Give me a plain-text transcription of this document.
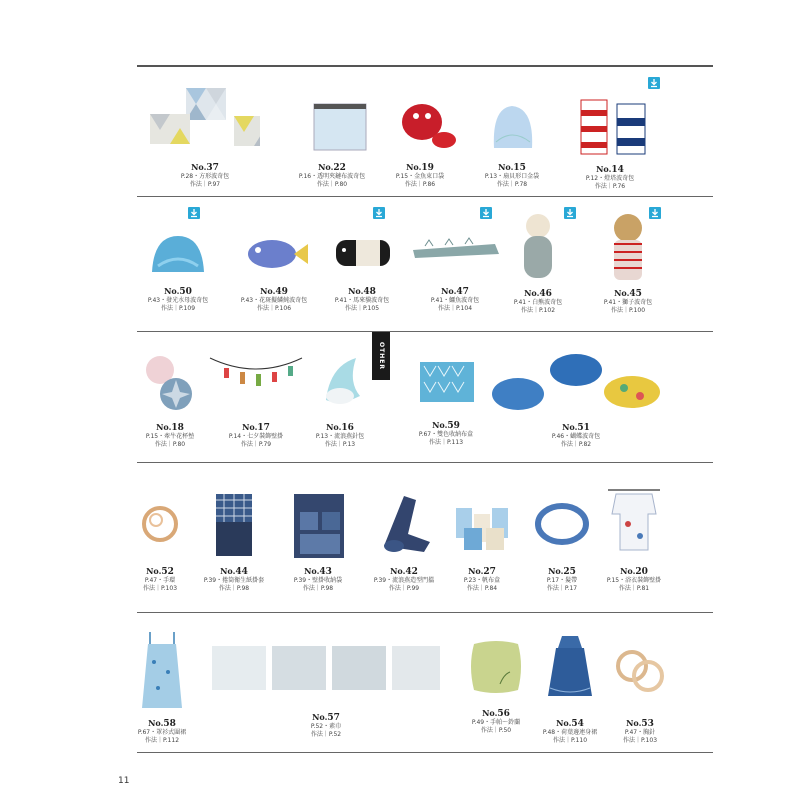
No.37
P.28・方形波奇包
作法｜P.97
No.22
P.16・透明夾鏈布波奇包
作法｜P.80
No.19
P.15・金魚束口袋
作法｜P.86
No.15
P.13・扇貝形口金袋
作法｜P.78
No.14
P.12・燈塔波奇包
作法｜P.76
No.50
P.43・發光水母波奇包
作法｜P.109
No.49
P.43・花斑擬鱗魨波奇包
作法｜P.106
No.48
P.41・馬來貘波奇包
作法｜P.105
No.47
P.41・鱷魚波奇包
作法｜P.104
No.46
P.41・白熊波奇包
作法｜P.102
No.45
P.41・獅子波奇包
作法｜P.100
OTHER
No.18
P.15・牽牛花杯墊
作法｜P.80
No.17
P.14・七夕裝飾壁掛
作法｜P.79
No.16
P.13・流浪燕針包
作法｜P.13
No.59
P.67・雙色收納布盒
作法｜P.113
No.51
P.46・蝴蝶波奇包
作法｜P.82
No.52
P.47・手環
作法｜P.103
No.44
P.39・捲筒衛生紙掛套
作法｜P.98
No.43
P.39・壁掛收納袋
作法｜P.98
No.42
P.39・流浪燕造型門擋
作法｜P.99
No.27
P.23・帆布盒
作法｜P.84
No.25
P.17・髮帶
作法｜P.17
No.20
P.15・浴衣裝飾壁掛
作法｜P.81
No.58
P.67・罩衫式圍裙
作法｜P.112
No.57
P.52・素巾
作法｜P.52
No.56
P.49・手帕～鈴蘭
作法｜P.50
No.54
P.48・荷葉邊連身裙
作法｜P.110
No.53
P.47・胸針
作法｜P.103
11
